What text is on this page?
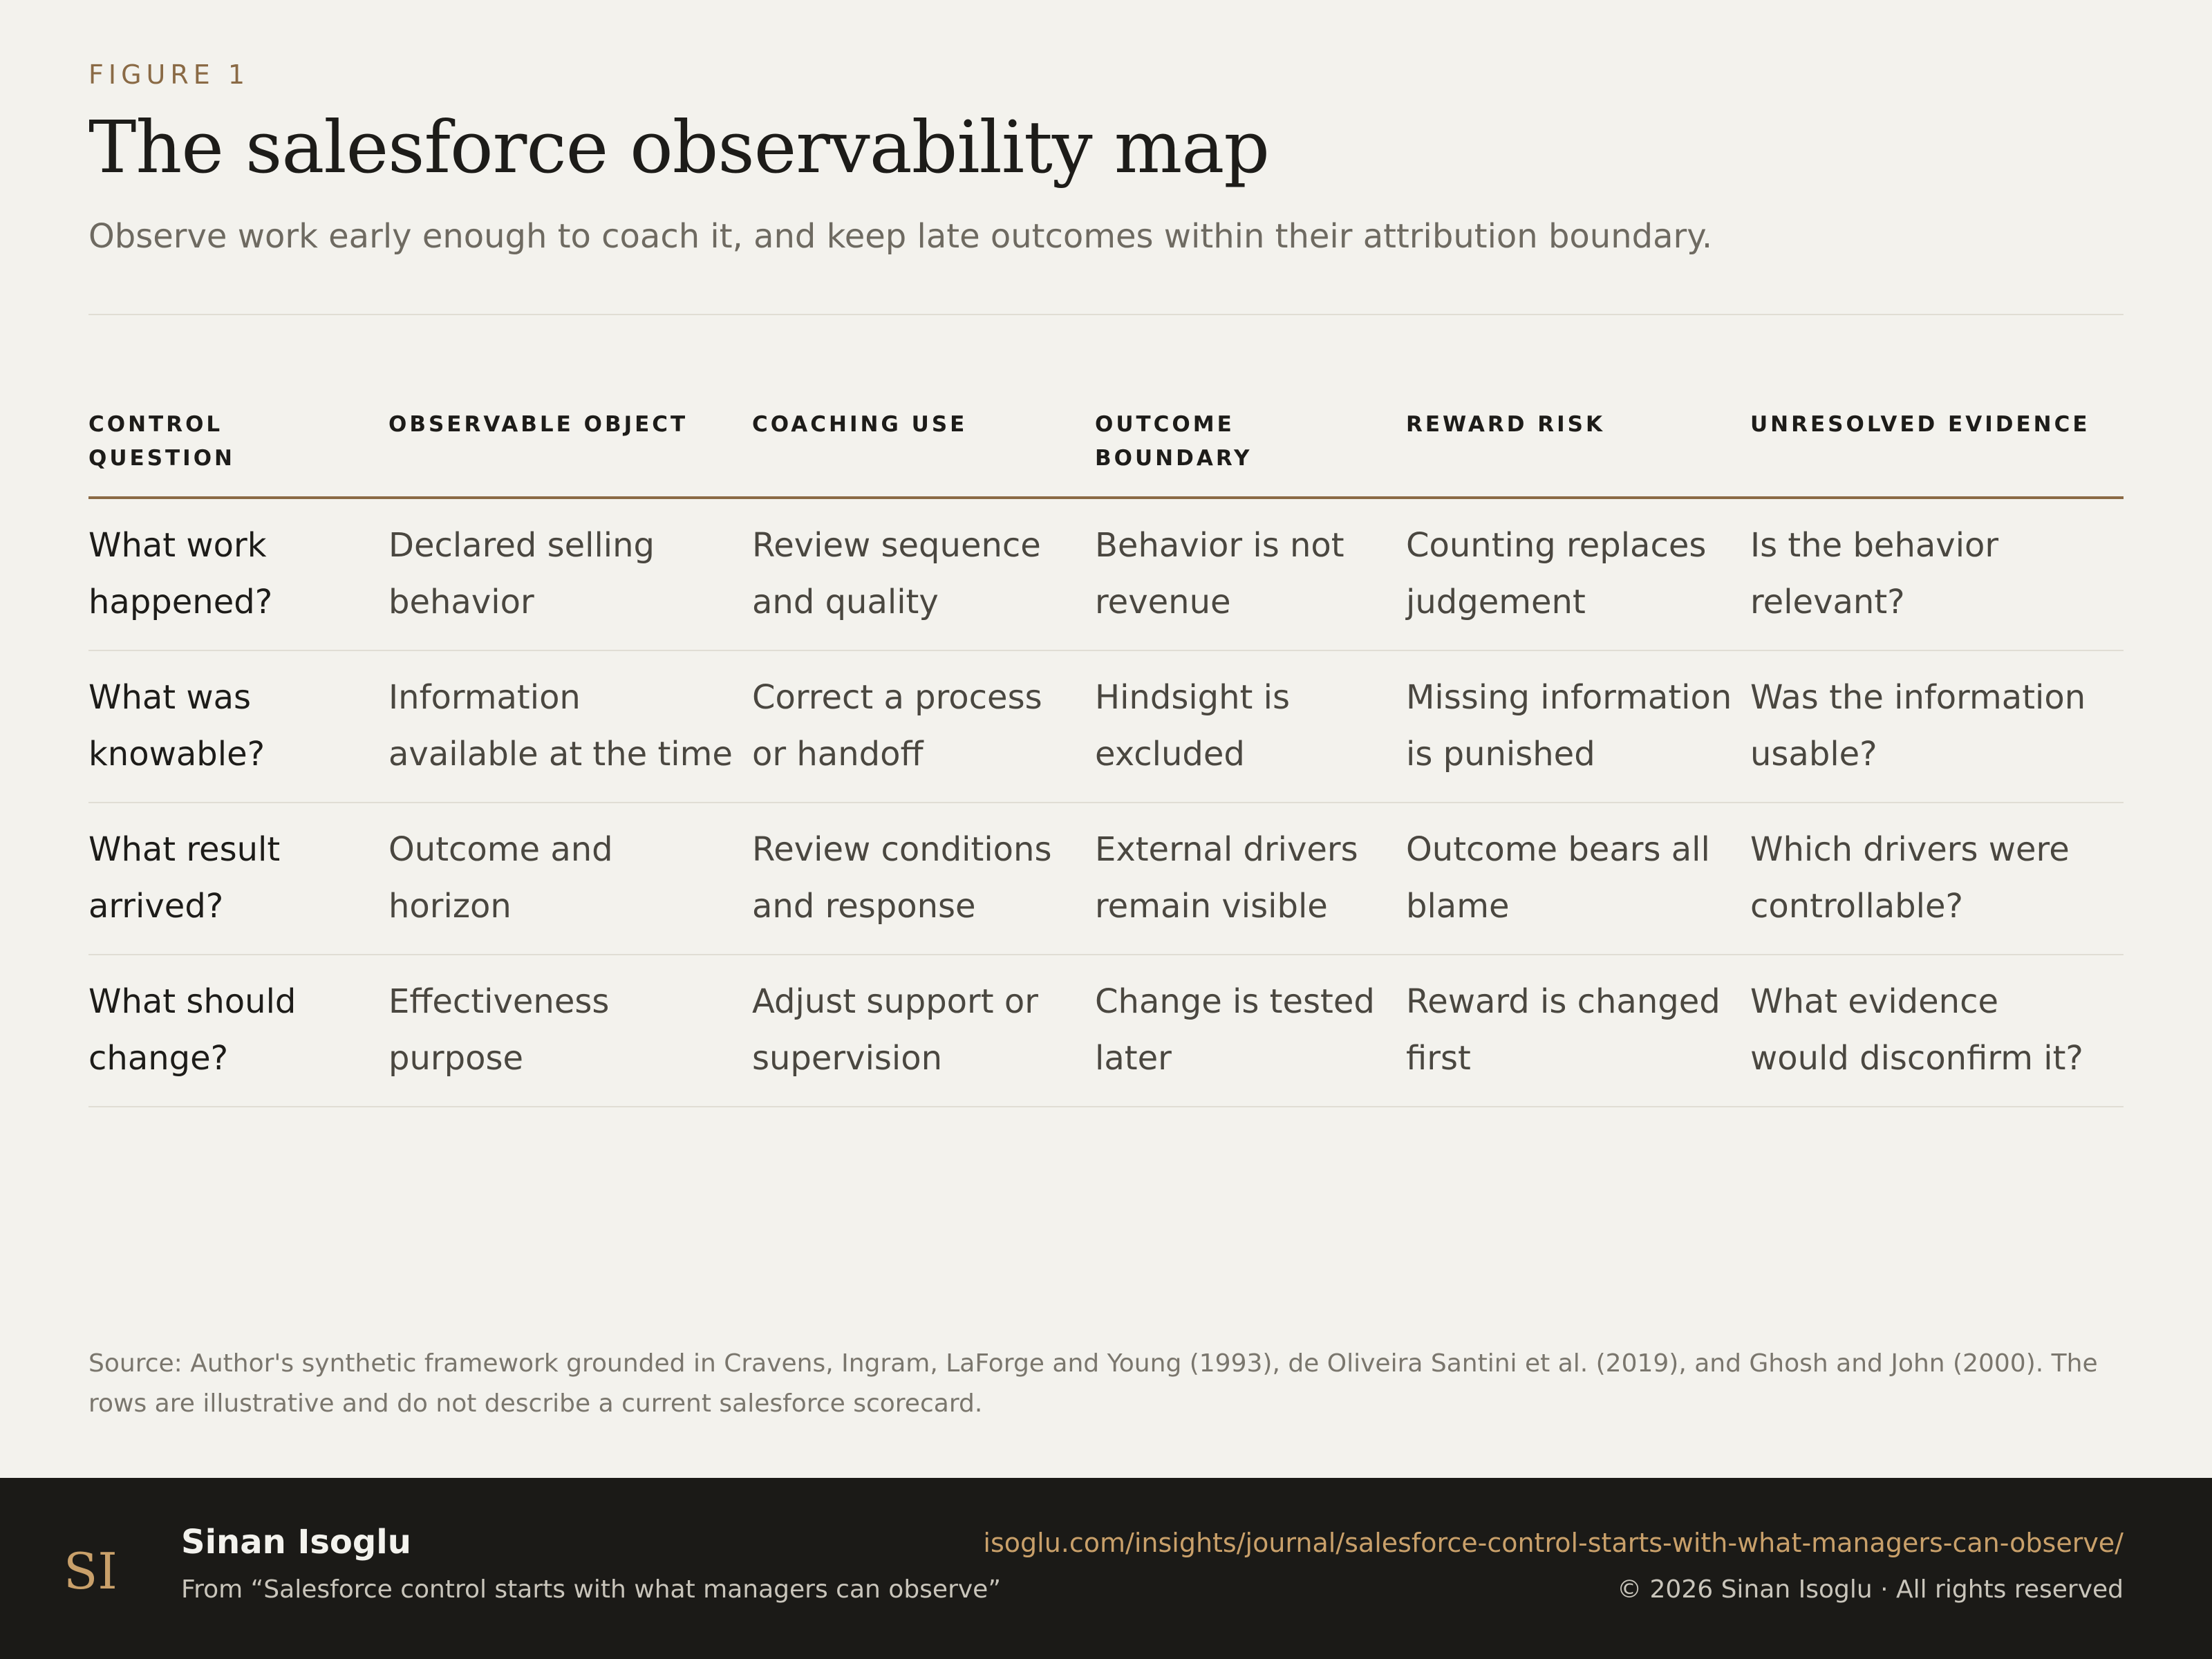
FIGURE 1
The salesforce observability map
Observe work early enough to coach it, and keep late outcomes within their attribution boundary.
CONTROL QUESTION	OBSERVABLE OBJECT	COACHING USE	OUTCOME BOUNDARY	REWARD RISK	UNRESOLVED EVIDENCE
What work happened?	Declared selling behavior	Review sequence and quality	Behavior is not revenue	Counting replaces judgement	Is the behavior relevant?
What was knowable?	Information available at the time	Correct a process or handoff	Hindsight is excluded	Missing information is punished	Was the information usable?
What result arrived?	Outcome and horizon	Review conditions and response	External drivers remain visible	Outcome bears all blame	Which drivers were controllable?
What should change?	Effectiveness purpose	Adjust support or supervision	Change is tested later	Reward is changed first	What evidence would disconfirm it?
Source: Author's synthetic framework grounded in Cravens, Ingram, LaForge and Young (1993), de Oliveira Santini et al. (2019), and Ghosh and John (2000). The rows are illustrative and do not describe a current salesforce scorecard.
SI Sinan Isoglu
From “Salesforce control starts with what managers can observe”
isoglu.com/insights/journal/salesforce-control-starts-with-what-managers-can-observe/
© 2026 Sinan Isoglu · All rights reserved
